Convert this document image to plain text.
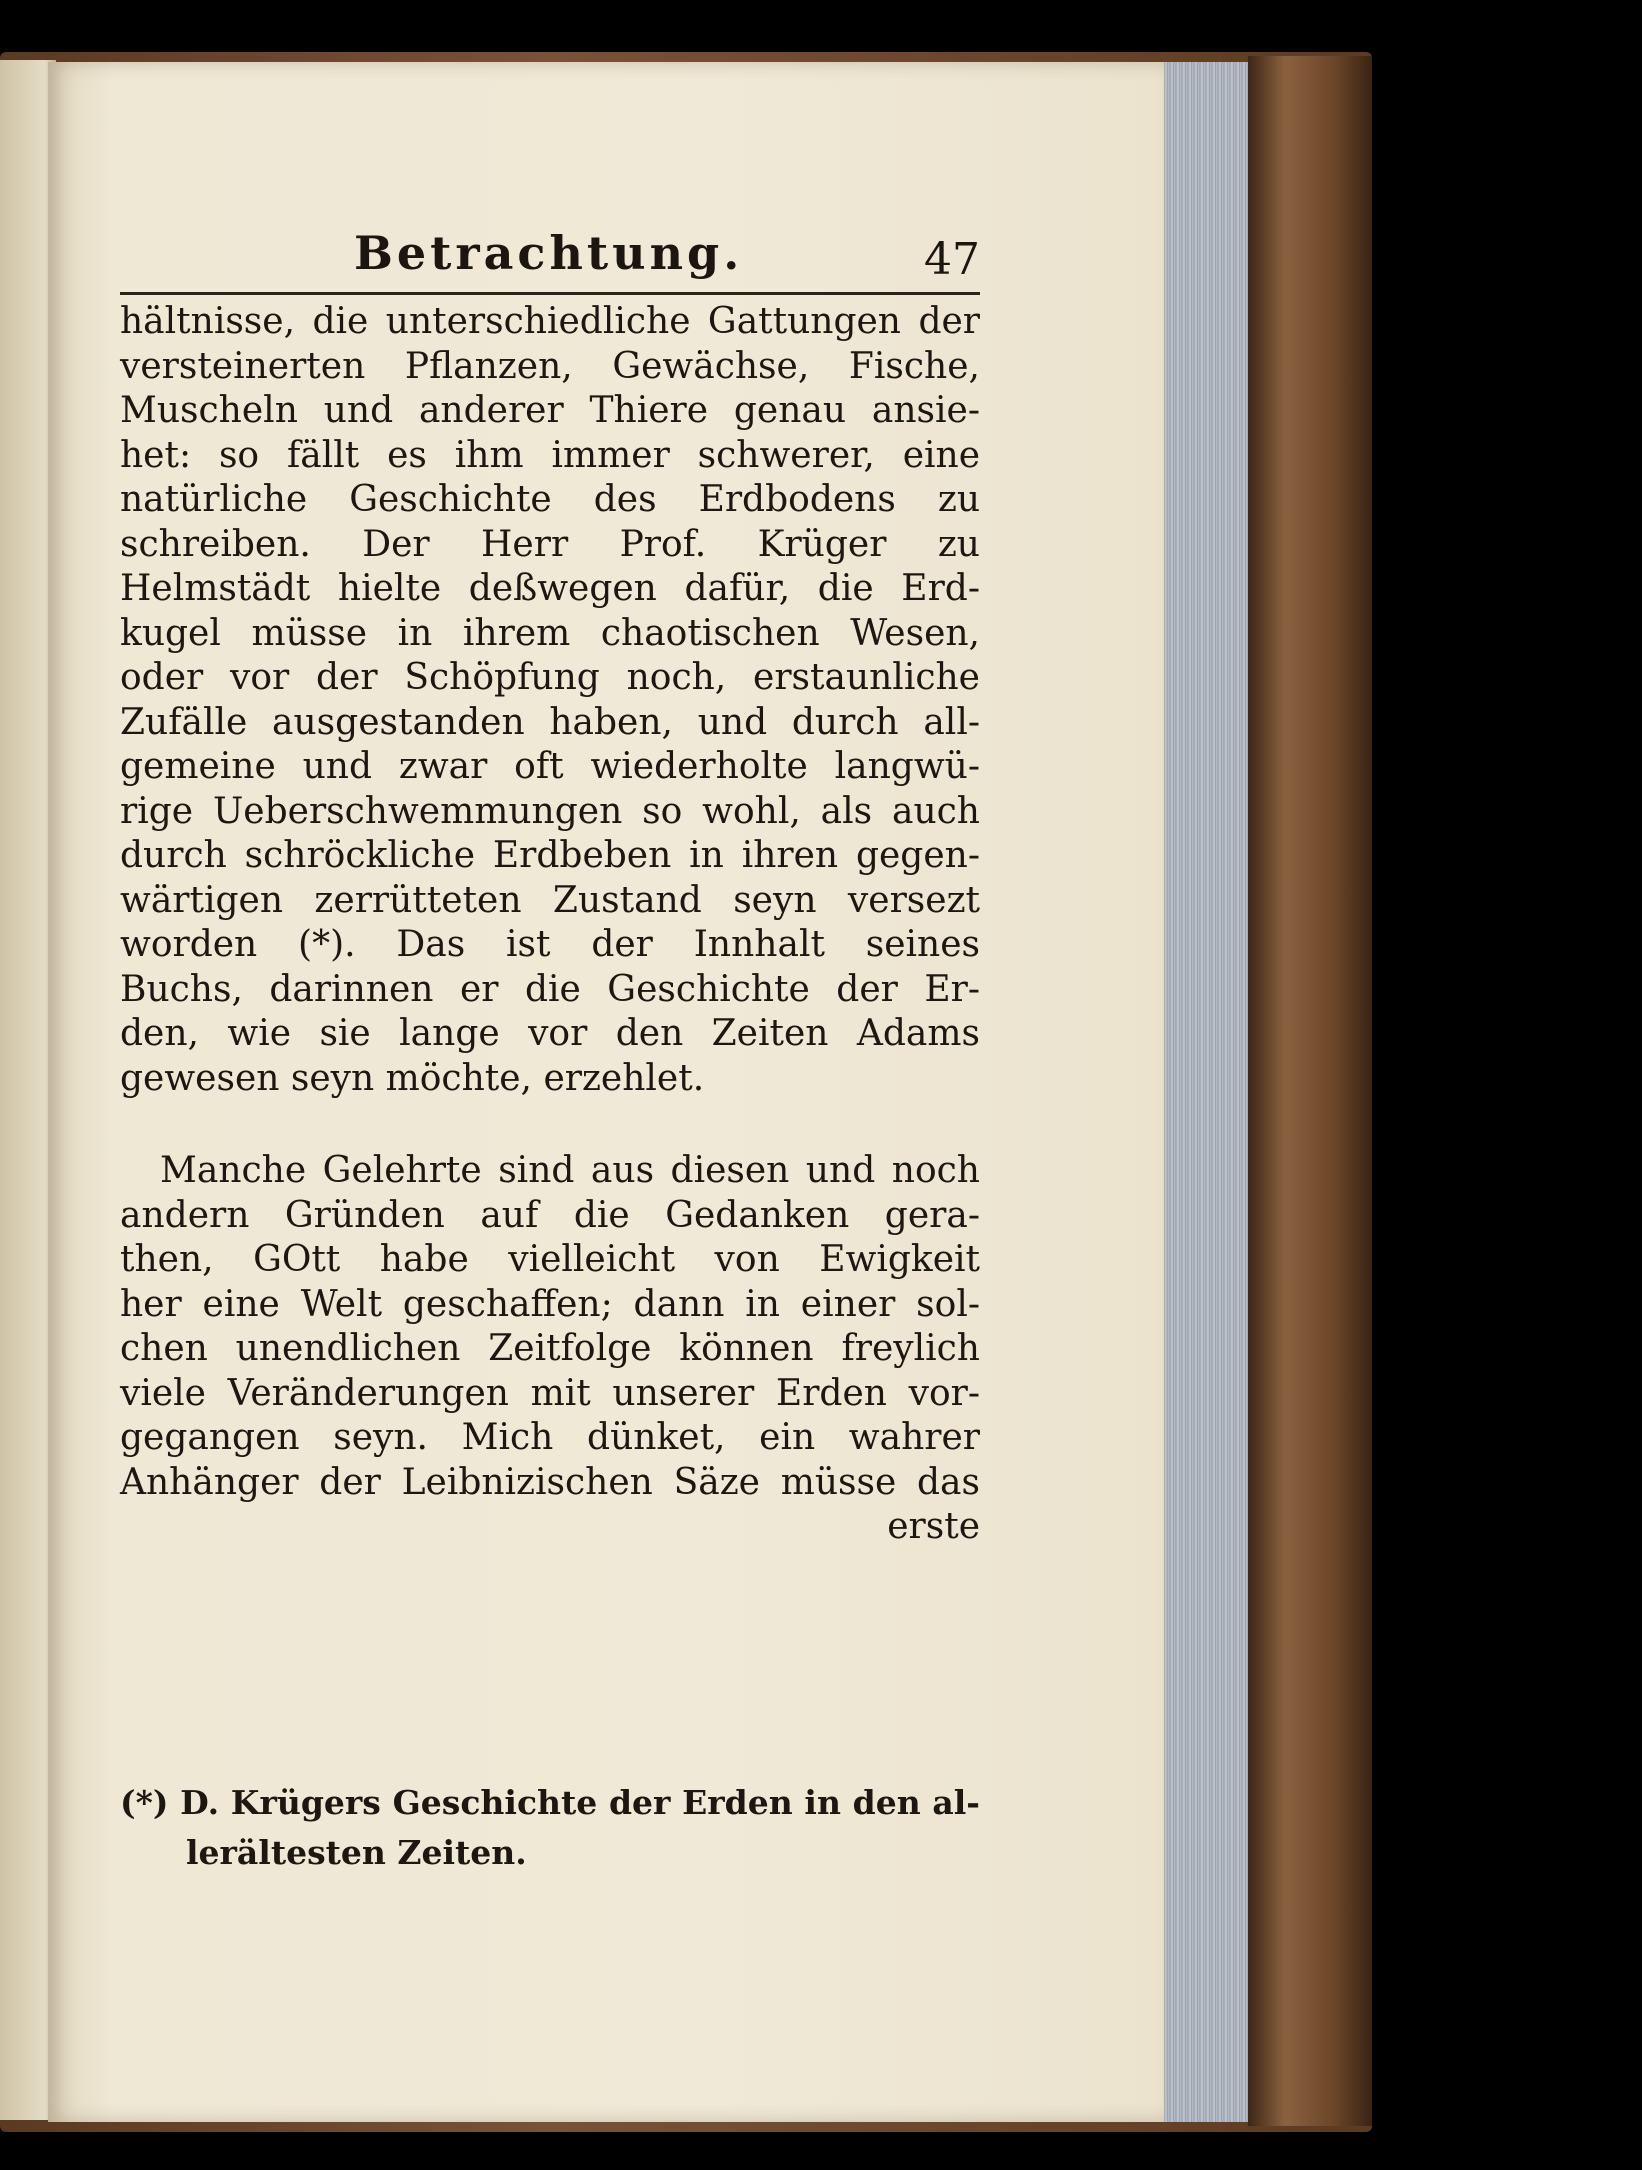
Betrachtung.	47
hältnisse, die unterschiedliche Gattungen der
versteinerten Pflanzen, Gewächse, Fische,
Muscheln und anderer Thiere genau ansie-
het: so fällt es ihm immer schwerer, eine
natürliche Geschichte des Erdbodens zu
schreiben. Der Herr Prof. Krüger zu
Helmstädt hielte deßwegen dafür, die Erd-
kugel müsse in ihrem chaotischen Wesen,
oder vor der Schöpfung noch, erstaunliche
Zufälle ausgestanden haben, und durch all-
gemeine und zwar oft wiederholte langwü-
rige Ueberschwemmungen so wohl, als auch
durch schröckliche Erdbeben in ihren gegen-
wärtigen zerrütteten Zustand seyn versezt
worden (*). Das ist der Innhalt seines
Buchs, darinnen er die Geschichte der Er-
den, wie sie lange vor den Zeiten Adams
gewesen seyn möchte, erzehlet.
Manche Gelehrte sind aus diesen und noch
andern Gründen auf die Gedanken gera-
then, GOtt habe vielleicht von Ewigkeit
her eine Welt geschaffen; dann in einer sol-
chen unendlichen Zeitfolge können freylich
viele Veränderungen mit unserer Erden vor-
gegangen seyn. Mich dünket, ein wahrer
Anhänger der Leibnizischen Säze müsse das
erste
(*) D. Krügers Geschichte der Erden in den al-
lerältesten Zeiten.
